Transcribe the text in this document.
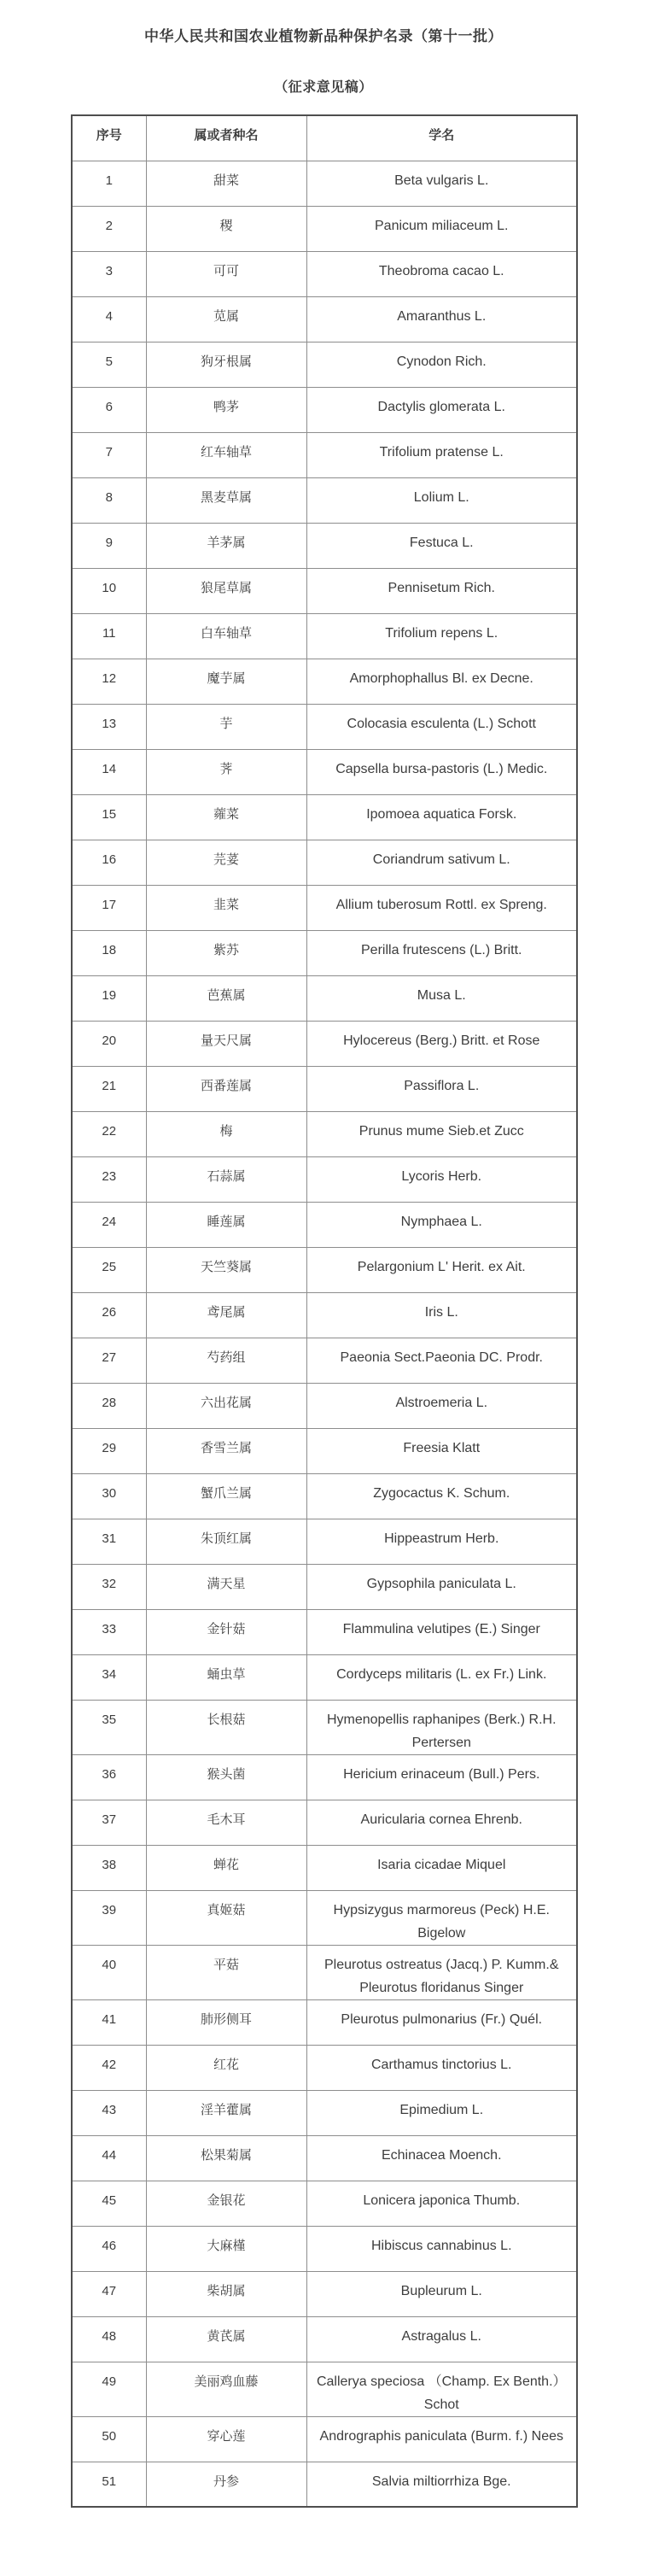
中华人民共和国农业植物新品种保护名录（第十一批）
（征求意见稿）
序号	属或者种名	学名
1	甜菜	Beta vulgaris L.
2	稷	Panicum miliaceum L.
3	可可	Theobroma cacao L.
4	苋属	Amaranthus L.
5	狗牙根属	Cynodon Rich.
6	鸭茅	Dactylis glomerata L.
7	红车轴草	Trifolium pratense L.
8	黑麦草属	Lolium L.
9	羊茅属	Festuca L.
10	狼尾草属	Pennisetum Rich.
11	白车轴草	Trifolium repens L.
12	魔芋属	Amorphophallus Bl. ex Decne.
13	芋	Colocasia esculenta (L.) Schott
14	荠	Capsella bursa-pastoris (L.) Medic.
15	蕹菜	Ipomoea aquatica Forsk.
16	芫荽	Coriandrum sativum L.
17	韭菜	Allium tuberosum Rottl. ex Spreng.
18	紫苏	Perilla frutescens (L.) Britt.
19	芭蕉属	Musa L.
20	量天尺属	Hylocereus (Berg.) Britt. et Rose
21	西番莲属	Passiflora L.
22	梅	Prunus mume Sieb.et Zucc
23	石蒜属	Lycoris Herb.
24	睡莲属	Nymphaea L.
25	天竺葵属	Pelargonium L' Herit. ex Ait.
26	鸢尾属	Iris L.
27	芍药组	Paeonia Sect.Paeonia DC. Prodr.
28	六出花属	Alstroemeria L.
29	香雪兰属	Freesia Klatt
30	蟹爪兰属	Zygocactus K. Schum.
31	朱顶红属	Hippeastrum Herb.
32	满天星	Gypsophila paniculata L.
33	金针菇	Flammulina velutipes (E.) Singer
34	蛹虫草	Cordyceps militaris (L. ex Fr.) Link.
35	长根菇	Hymenopellis raphanipes (Berk.) R.H. Pertersen
36	猴头菌	Hericium erinaceum (Bull.) Pers.
37	毛木耳	Auricularia cornea Ehrenb.
38	蝉花	Isaria cicadae Miquel
39	真姬菇	Hypsizygus marmoreus (Peck) H.E. Bigelow
40	平菇	Pleurotus ostreatus (Jacq.) P. Kumm.& Pleurotus floridanus Singer
41	肺形侧耳	Pleurotus pulmonarius (Fr.) Quél.
42	红花	Carthamus tinctorius L.
43	淫羊藿属	Epimedium L.
44	松果菊属	Echinacea Moench.
45	金银花	Lonicera japonica Thumb.
46	大麻槿	Hibiscus cannabinus L.
47	柴胡属	Bupleurum L.
48	黄芪属	Astragalus L.
49	美丽鸡血藤	Callerya speciosa （Champ. Ex Benth.）Schot
50	穿心莲	Andrographis paniculata (Burm. f.) Nees
51	丹参	Salvia miltiorrhiza Bge.
